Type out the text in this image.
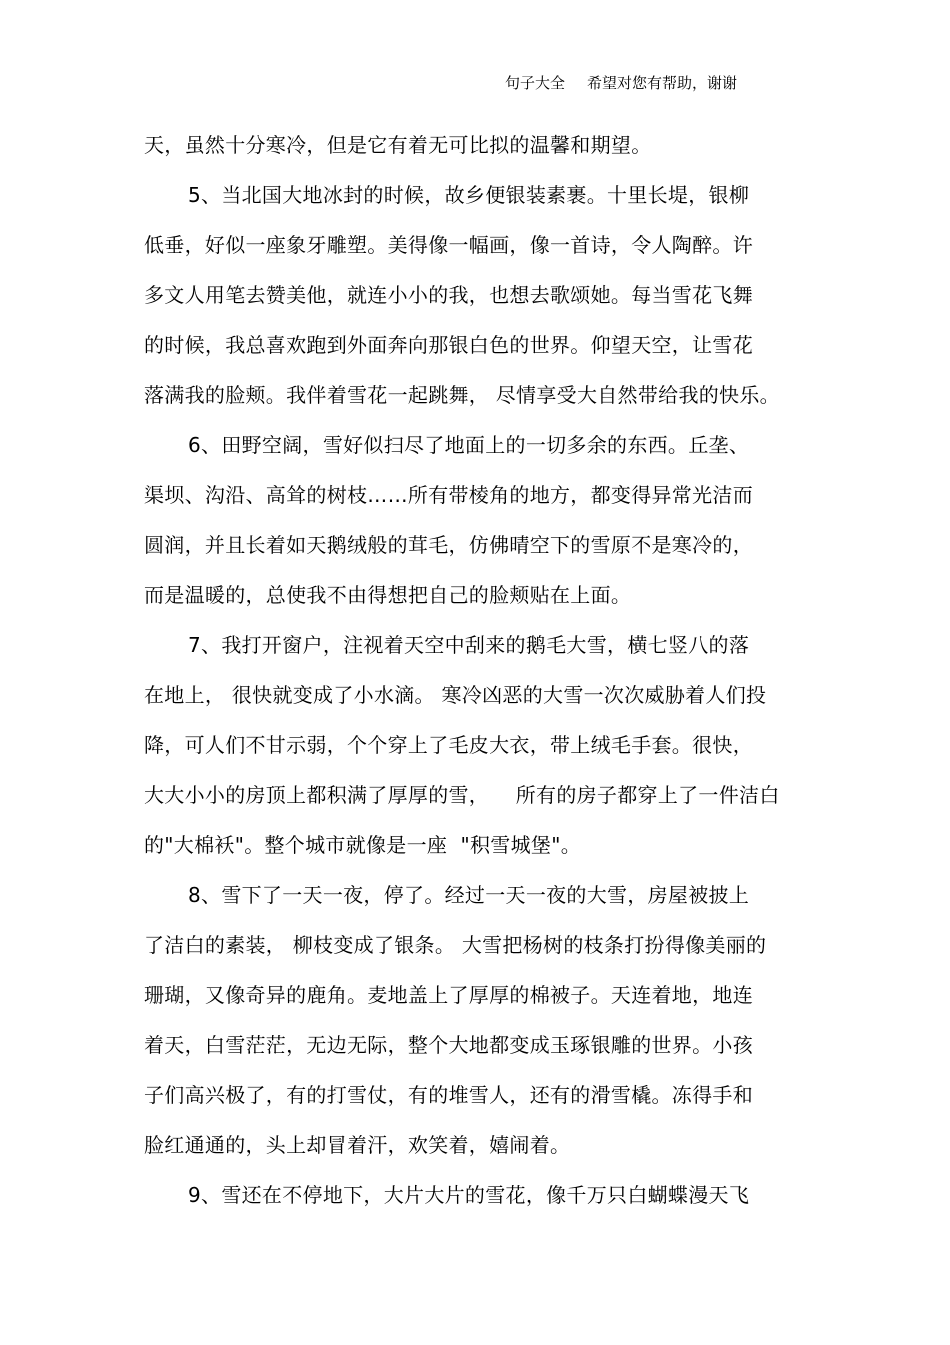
句子大全 希望对您有帮助，谢谢
天，虽然十分寒冷，但是它有着无可比拟的温馨和期望。
5、当北国大地冰封的时候，故乡便银装素裹。十里长堤，银柳
低垂，好似一座象牙雕塑。美得像一幅画，像一首诗，令人陶醉。许
多文人用笔去赞美他，就连小小的我，也想去歌颂她。每当雪花飞舞
的时候，我总喜欢跑到外面奔向那银白色的世界。仰望天空，让雪花
落满我的脸颊。我伴着雪花一起跳舞， 尽情享受大自然带给我的快乐。
6、田野空阔，雪好似扫尽了地面上的一切多余的东西。丘垄、
渠坝、沟沿、高耸的树枝……所有带棱角的地方，都变得异常光洁而
圆润，并且长着如天鹅绒般的茸毛，仿佛晴空下的雪原不是寒冷的，
而是温暖的，总使我不由得想把自己的脸颊贴在上面。
7、我打开窗户，注视着天空中刮来的鹅毛大雪，横七竖八的落
在地上， 很快就变成了小水滴。 寒冷凶恶的大雪一次次威胁着人们投
降，可人们不甘示弱，个个穿上了毛皮大衣，带上绒毛手套。很快，
大大小小的房顶上都积满了厚厚的雪，    所有的房子都穿上了一件洁白
的"大棉袄"。整个城市就像是一座  "积雪城堡"。
8、雪下了一天一夜，停了。经过一天一夜的大雪，房屋被披上
了洁白的素装， 柳枝变成了银条。 大雪把杨树的枝条打扮得像美丽的
珊瑚，又像奇异的鹿角。麦地盖上了厚厚的棉被子。天连着地，地连
着天，白雪茫茫，无边无际，整个大地都变成玉琢银雕的世界。小孩
子们高兴极了，有的打雪仗，有的堆雪人，还有的滑雪橇。冻得手和
脸红通通的，头上却冒着汗，欢笑着，嬉闹着。
9、雪还在不停地下，大片大片的雪花，像千万只白蝴蝶漫天飞
